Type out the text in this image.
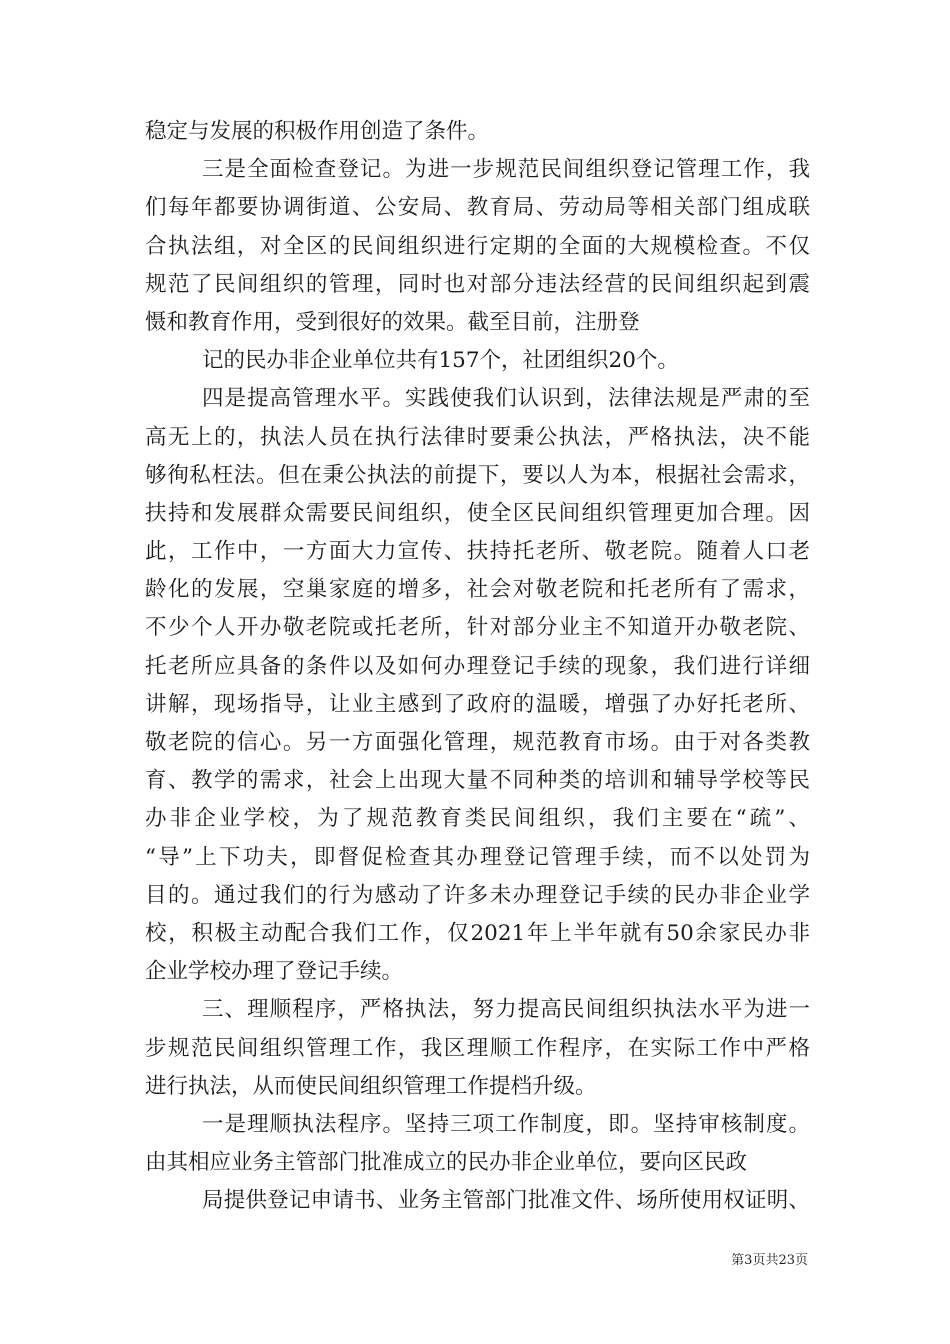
稳定与发展的积极作用创造了条件。
三是全面检查登记。为进一步规范民间组织登记管理工作，我
们每年都要协调街道、公安局、教育局、劳动局等相关部门组成联
合执法组，对全区的民间组织进行定期的全面的大规模检查。不仅
规范了民间组织的管理，同时也对部分违法经营的民间组织起到震
慑和教育作用，受到很好的效果。截至目前，注册登
记的民办非企业单位共有157个，社团组织20个。
四是提高管理水平。实践使我们认识到，法律法规是严肃的至
高无上的，执法人员在执行法律时要秉公执法，严格执法，决不能
够徇私枉法。但在秉公执法的前提下，要以人为本，根据社会需求，
扶持和发展群众需要民间组织，使全区民间组织管理更加合理。因
此，工作中，一方面大力宣传、扶持托老所、敬老院。随着人口老
龄化的发展，空巢家庭的增多，社会对敬老院和托老所有了需求，
不少个人开办敬老院或托老所，针对部分业主不知道开办敬老院、
托老所应具备的条件以及如何办理登记手续的现象，我们进行详细
讲解，现场指导，让业主感到了政府的温暖，增强了办好托老所、
敬老院的信心。另一方面强化管理，规范教育市场。由于对各类教
育、教学的需求，社会上出现大量不同种类的培训和辅导学校等民
办非企业学校，为了规范教育类民间组织，我们主要在“疏”、
“导”上下功夫，即督促检查其办理登记管理手续，而不以处罚为
目的。通过我们的行为感动了许多未办理登记手续的民办非企业学
校，积极主动配合我们工作，仅2021年上半年就有50余家民办非
企业学校办理了登记手续。
三、理顺程序，严格执法，努力提高民间组织执法水平为进一
步规范民间组织管理工作，我区理顺工作程序，在实际工作中严格
进行执法，从而使民间组织管理工作提档升级。
一是理顺执法程序。坚持三项工作制度，即。坚持审核制度。
由其相应业务主管部门批准成立的民办非企业单位，要向区民政
局提供登记申请书、业务主管部门批准文件、场所使用权证明、
第3页共23页
